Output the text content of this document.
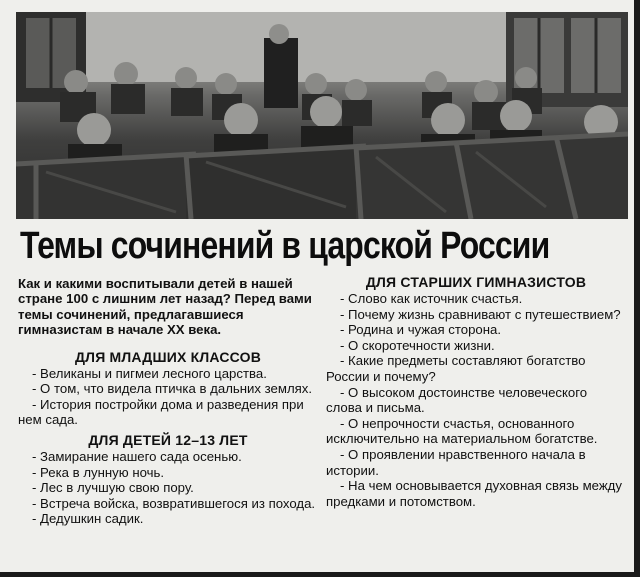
Темы сочинений в царской России

Как и какими воспитывали детей в нашей стране 100 с лишним лет назад? Перед вами темы сочинений, предлагавшиеся гимназистам в начале XX века.

ДЛЯ МЛАДШИХ КЛАССОВ

- Великаны и пигмеи лесного царства.

- О том, что видела птичка в дальних землях.

- История постройки дома и разведения при нем сада.

ДЛЯ ДЕТЕЙ 12–13 ЛЕТ

- Замирание нашего сада осенью.

- Река в лунную ночь.

- Лес в лучшую свою пору.

- Встреча войска, возвратившегося из похода.

- Дедушкин садик.

ДЛЯ СТАРШИХ ГИМНАЗИСТОВ

- Слово как источник счастья.

- Почему жизнь сравнивают с путешествием?

- Родина и чужая сторона.

- О скоротечности жизни.

- Какие предметы составляют богатство России и почему?

- О высоком достоинстве человеческого слова и письма.

- О непрочности счастья, основанного исключительно на материальном богатстве.

- О проявлении нравственного начала в истории.

- На чем основывается духовная связь между предками и потомством.
